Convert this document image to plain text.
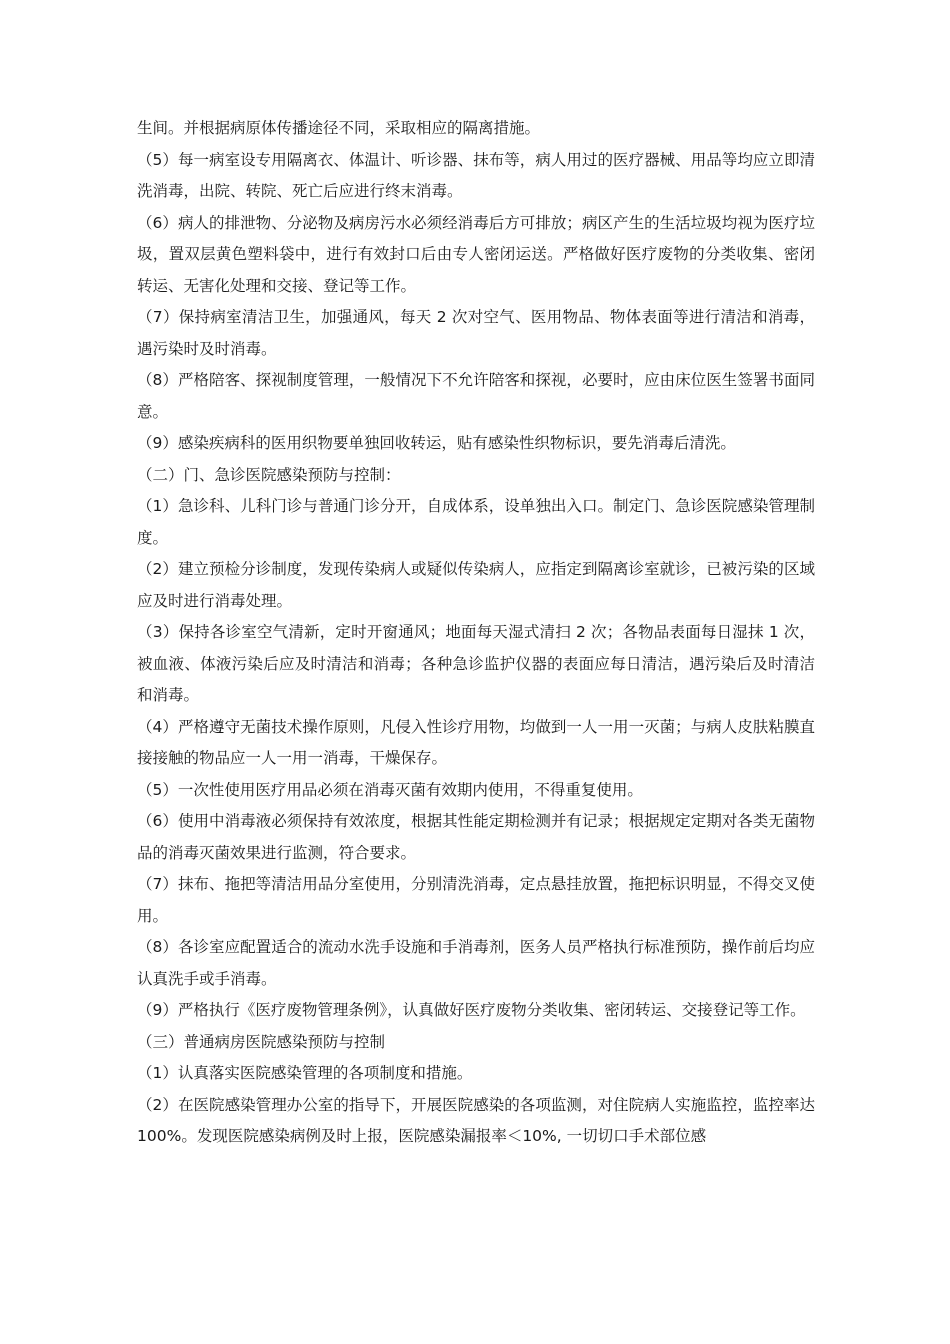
生间。并根据病原体传播途径不同，采取相应的隔离措施。

（5）每一病室设专用隔离衣、体温计、听诊器、抹布等，病人用过的医疗器械、用品等均应立即清洗消毒，出院、转院、死亡后应进行终末消毒。

（6）病人的排泄物、分泌物及病房污水必须经消毒后方可排放；病区产生的生活垃圾均视为医疗垃圾，置双层黄色塑料袋中，进行有效封口后由专人密闭运送。严格做好医疗废物的分类收集、密闭转运、无害化处理和交接、登记等工作。

（7）保持病室清洁卫生，加强通风，每天 2 次对空气、医用物品、物体表面等进行清洁和消毒，遇污染时及时消毒。

（8）严格陪客、探视制度管理，一般情况下不允许陪客和探视，必要时，应由床位医生签署书面同意。

（9）感染疾病科的医用织物要单独回收转运，贴有感染性织物标识，要先消毒后清洗。

（二）门、急诊医院感染预防与控制：

（1）急诊科、儿科门诊与普通门诊分开，自成体系，设单独出入口。制定门、急诊医院感染管理制度。

（2）建立预检分诊制度，发现传染病人或疑似传染病人，应指定到隔离诊室就诊，已被污染的区域应及时进行消毒处理。

（3）保持各诊室空气清新，定时开窗通风；地面每天湿式清扫 2 次；各物品表面每日湿抹 1 次，被血液、体液污染后应及时清洁和消毒；各种急诊监护仪器的表面应每日清洁，遇污染后及时清洁和消毒。

（4）严格遵守无菌技术操作原则，凡侵入性诊疗用物，均做到一人一用一灭菌；与病人皮肤粘膜直接接触的物品应一人一用一消毒，干燥保存。

（5）一次性使用医疗用品必须在消毒灭菌有效期内使用，不得重复使用。

（6）使用中消毒液必须保持有效浓度，根据其性能定期检测并有记录；根据规定定期对各类无菌物品的消毒灭菌效果进行监测，符合要求。

（7）抹布、拖把等清洁用品分室使用，分别清洗消毒，定点悬挂放置，拖把标识明显，不得交叉使用。

（8）各诊室应配置适合的流动水洗手设施和手消毒剂，医务人员严格执行标准预防，操作前后均应认真洗手或手消毒。

（9）严格执行《医疗废物管理条例》，认真做好医疗废物分类收集、密闭转运、交接登记等工作。

（三）普通病房医院感染预防与控制

（1）认真落实医院感染管理的各项制度和措施。

（2）在医院感染管理办公室的指导下，开展医院感染的各项监测，对住院病人实施监控，监控率达 100%。发现医院感染病例及时上报，医院感染漏报率＜10%, 一切切口手术部位感
